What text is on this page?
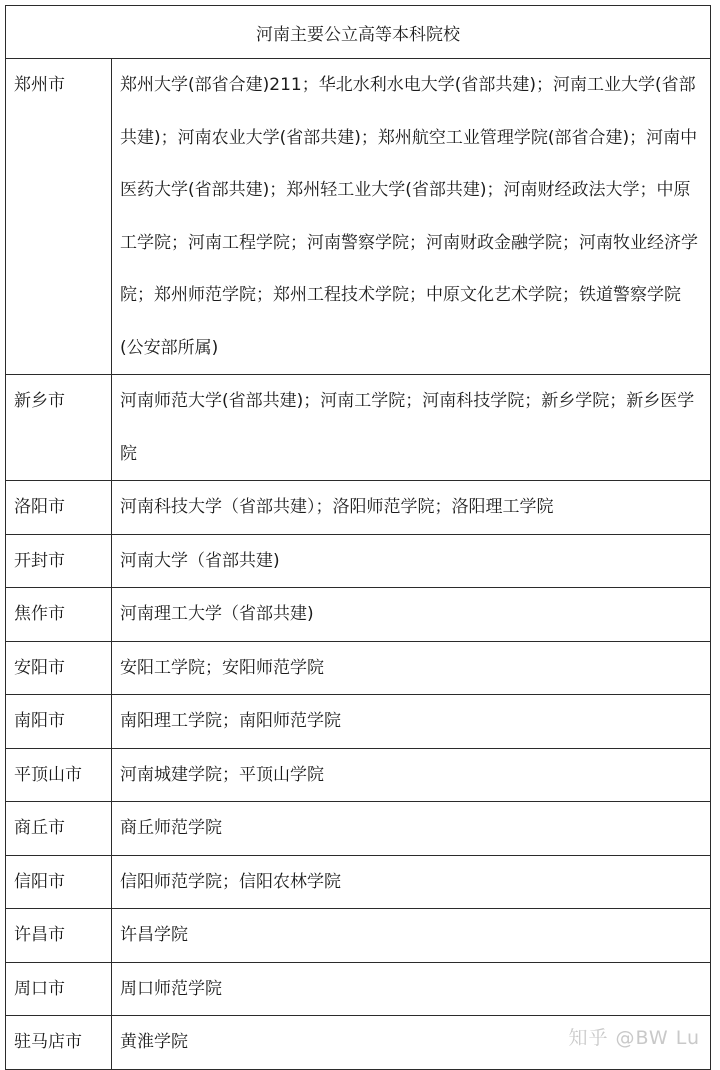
河南主要公立高等本科院校	
郑州市	郑州大学(部省合建)211；华北水利水电大学(省部共建)；河南工业大学(省部共建)；河南农业大学(省部共建)；郑州航空工业管理学院(部省合建)；河南中医药大学(省部共建)；郑州轻工业大学(省部共建)；河南财经政法大学；中原工学院；河南工程学院；河南警察学院；河南财政金融学院；河南牧业经济学院；郑州师范学院；郑州工程技术学院；中原文化艺术学院；铁道警察学院(公安部所属)
新乡市	河南师范大学(省部共建)；河南工学院；河南科技学院；新乡学院；新乡医学院
洛阳市	河南科技大学（省部共建）；洛阳师范学院；洛阳理工学院
开封市	河南大学（省部共建)
焦作市	河南理工大学（省部共建)
安阳市	安阳工学院；安阳师范学院
南阳市	南阳理工学院；南阳师范学院
平顶山市	河南城建学院；平顶山学院
商丘市	商丘师范学院
信阳市	信阳师范学院；信阳农林学院
许昌市	许昌学院
周口市	周口师范学院
驻马店市	黄淮学院	知乎 @BW Lu
